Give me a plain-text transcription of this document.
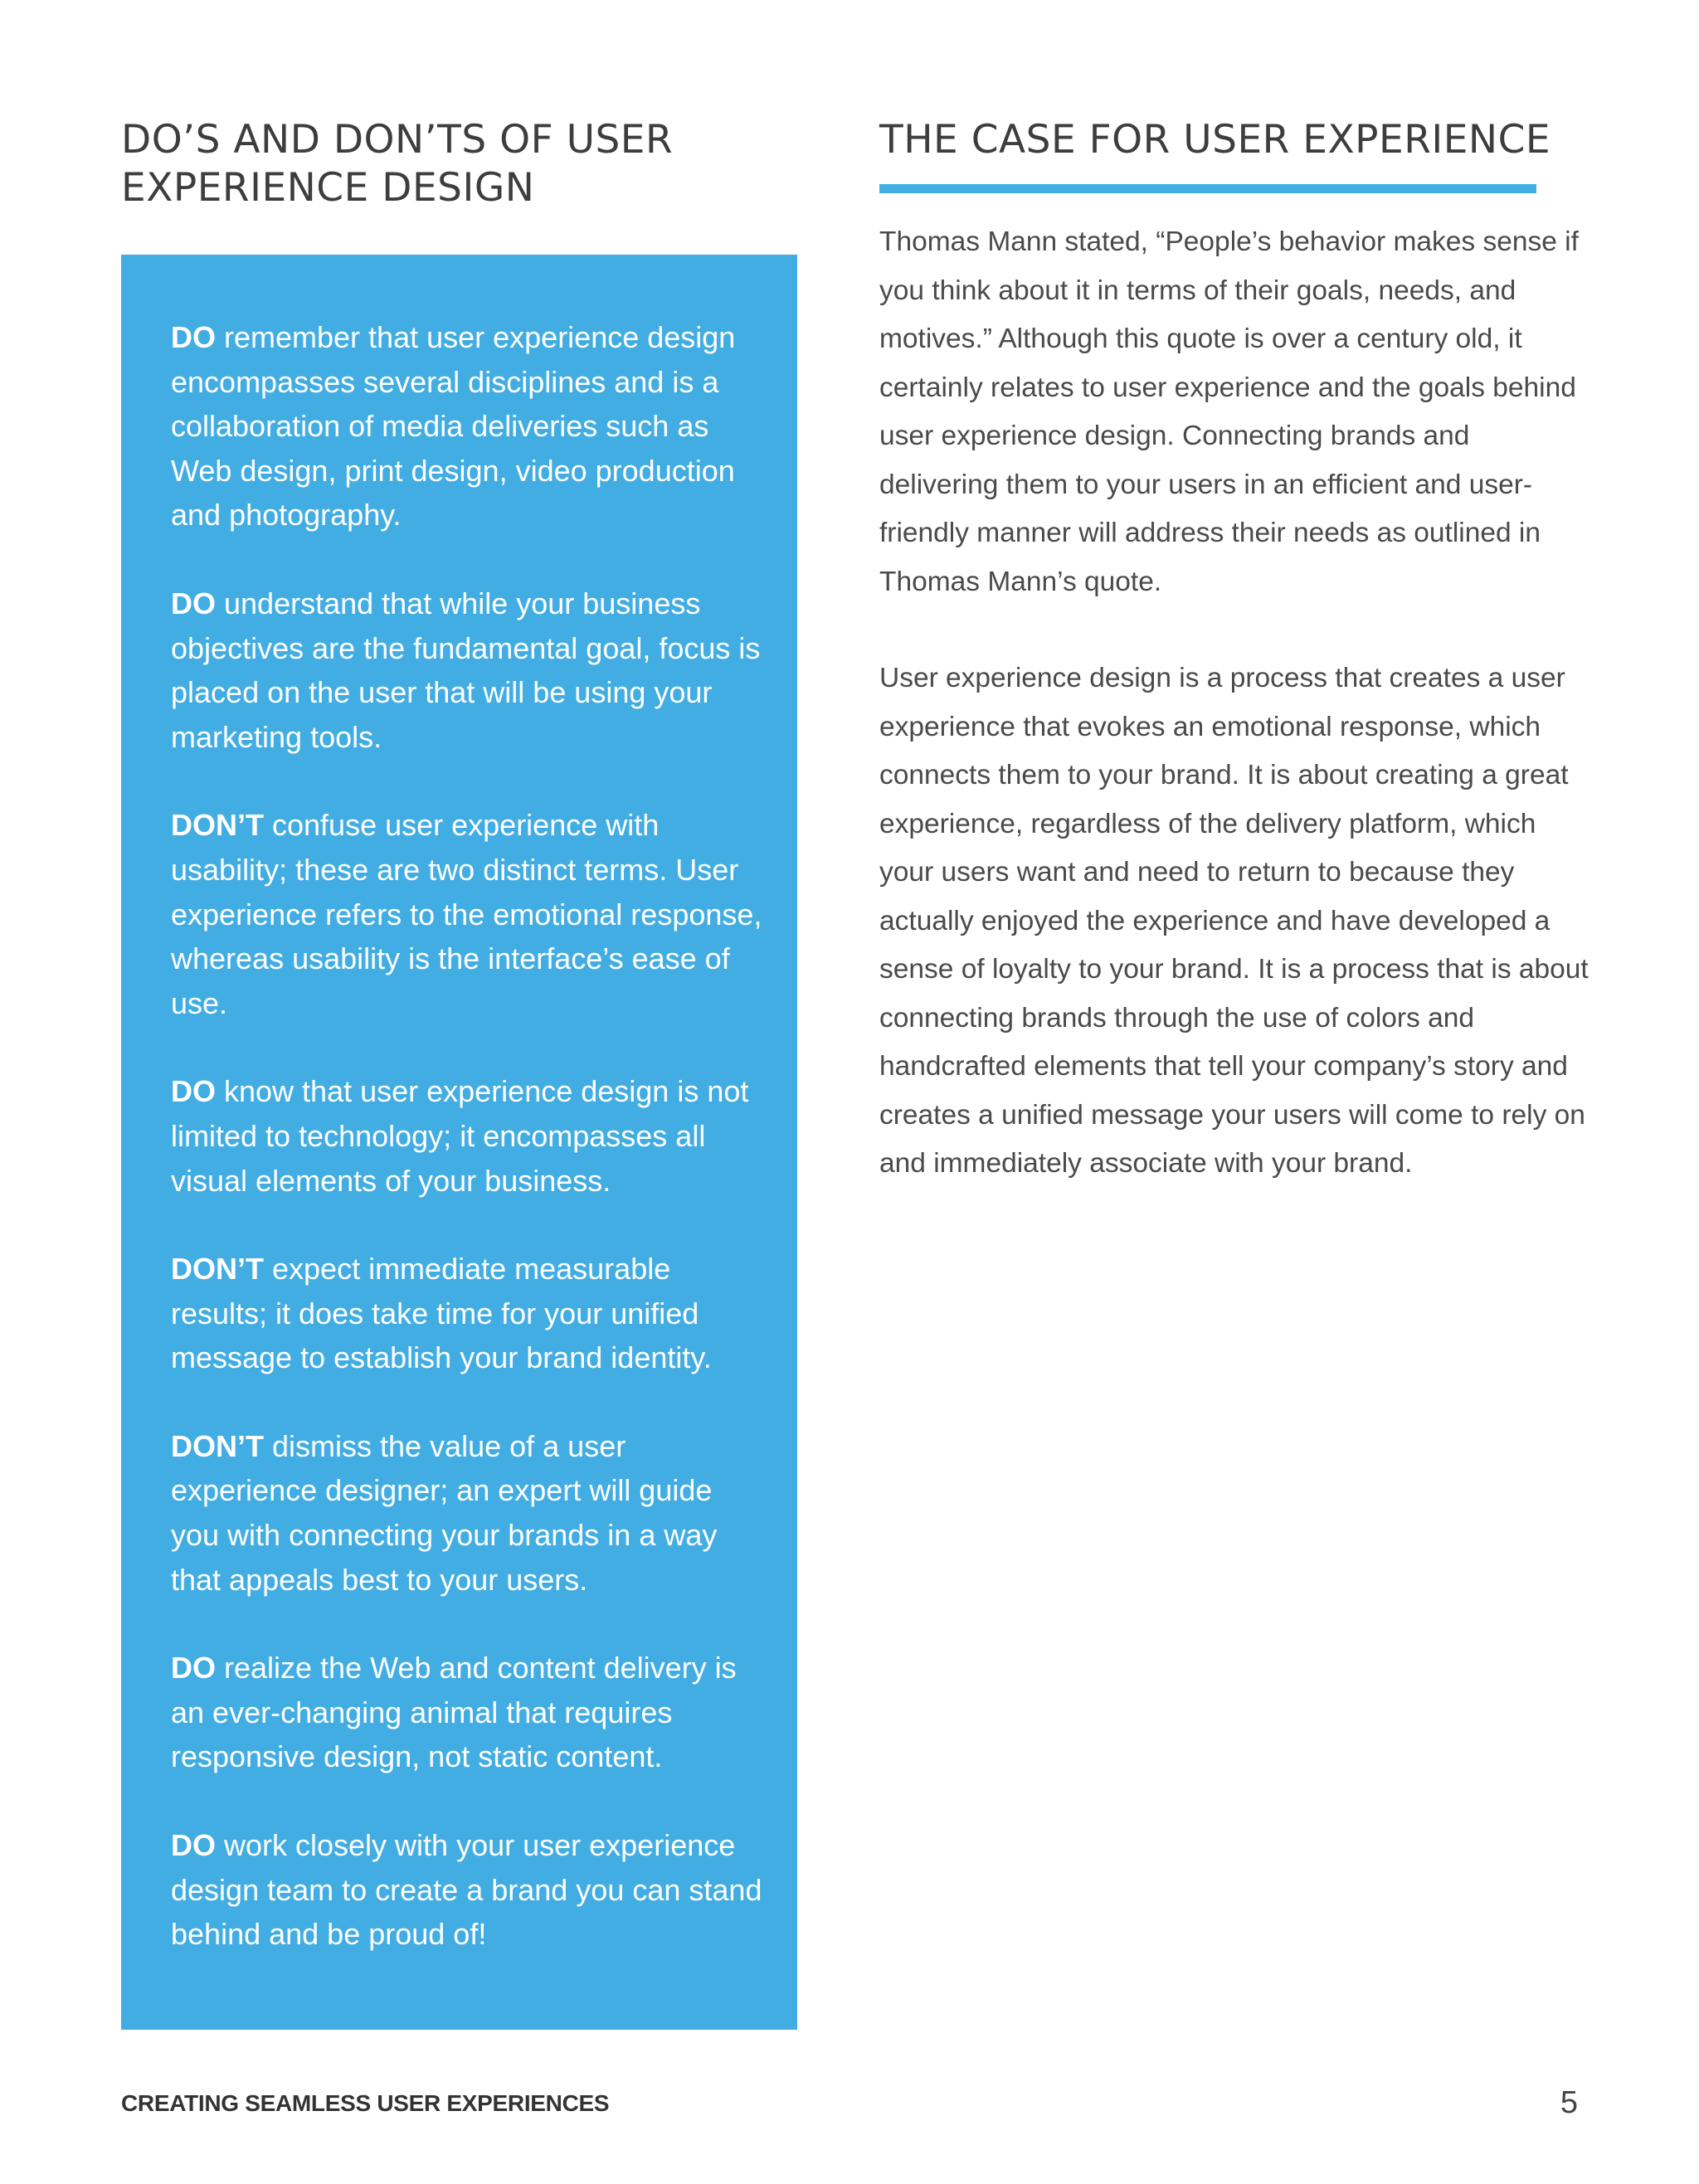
DO’S AND DON’TS OF USER EXPERIENCE DESIGN

DO remember that user experience design encompasses several disciplines and is a collaboration of media deliveries such as Web design, print design, video production and photography.

DO understand that while your business objectives are the fundamental goal, focus is placed on the user that will be using your marketing tools.

DON’T confuse user experience with usability; these are two distinct terms. User experience refers to the emotional response, whereas usability is the interface’s ease of use.

DO know that user experience design is not limited to technology; it encompasses all visual elements of your business.

DON’T expect immediate measurable results; it does take time for your unified message to establish your brand identity.

DON’T dismiss the value of a user experience designer; an expert will guide you with connecting your brands in a way that appeals best to your users.

DO realize the Web and content delivery is an ever-changing animal that requires responsive design, not static content.

DO work closely with your user experience design team to create a brand you can stand behind and be proud of!

THE CASE FOR USER EXPERIENCE

Thomas Mann stated, “People’s behavior makes sense if you think about it in terms of their goals, needs, and motives.” Although this quote is over a century old, it certainly relates to user experience and the goals behind user experience design. Connecting brands and delivering them to your users in an efficient and user-friendly manner will address their needs as outlined in Thomas Mann’s quote.

User experience design is a process that creates a user experience that evokes an emotional response, which connects them to your brand. It is about creating a great experience, regardless of the delivery platform, which your users want and need to return to because they actually enjoyed the experience and have developed a sense of loyalty to your brand. It is a process that is about connecting brands through the use of colors and handcrafted elements that tell your company’s story and creates a unified message your users will come to rely on and immediately associate with your brand.

CREATING SEAMLESS USER EXPERIENCES	5
